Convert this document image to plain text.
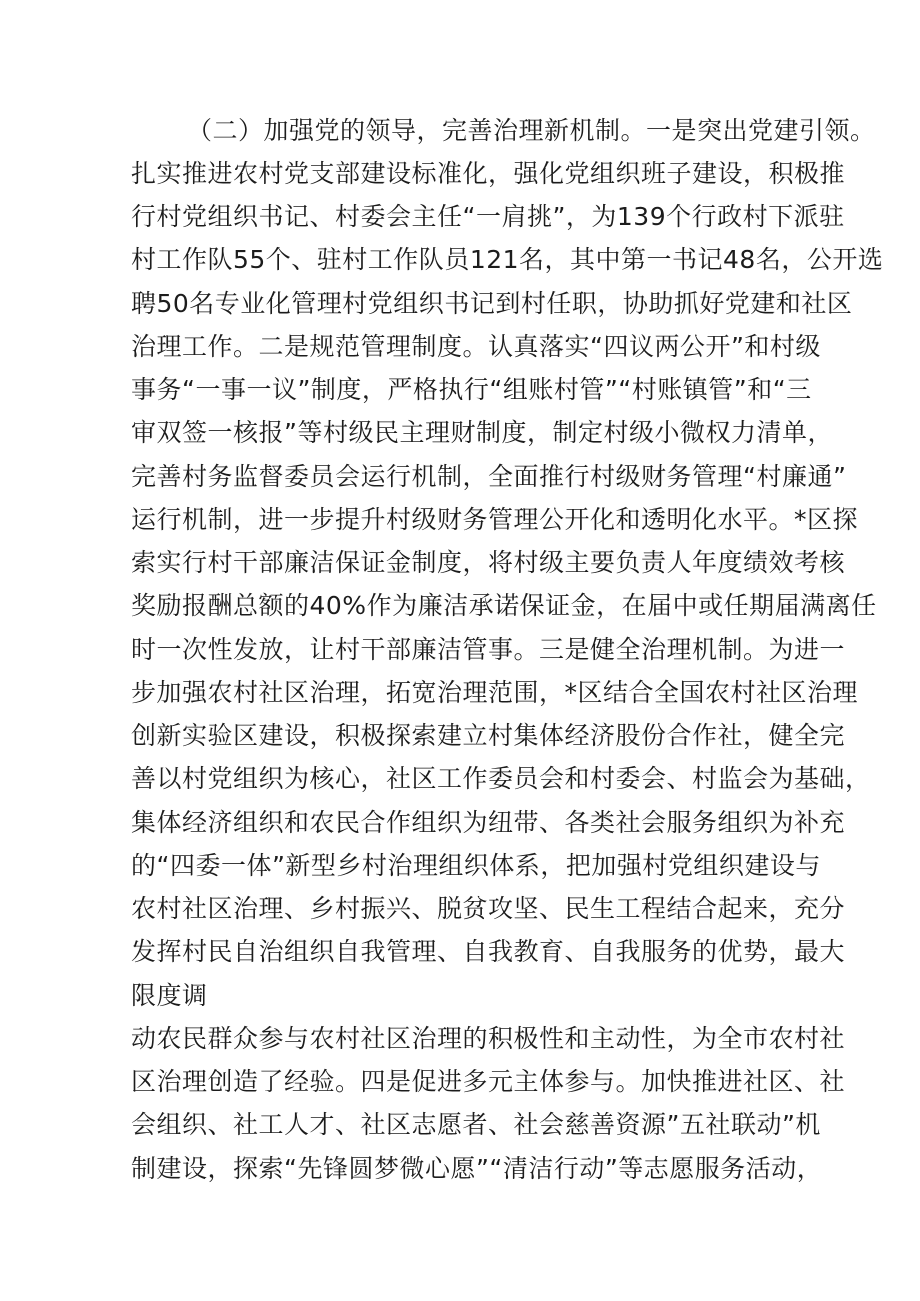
（二）加强党的领导，完善治理新机制。一是突出党建引领。
扎实推进农村党支部建设标准化，强化党组织班子建设，积极推
行村党组织书记、村委会主任“一肩挑”，为139个行政村下派驻
村工作队55个、驻村工作队员121名，其中第一书记48名，公开选
聘50名专业化管理村党组织书记到村任职，协助抓好党建和社区
治理工作。二是规范管理制度。认真落实“四议两公开”和村级
事务“一事一议”制度，严格执行“组账村管”“村账镇管”和“三
审双签一核报”等村级民主理财制度，制定村级小微权力清单，
完善村务监督委员会运行机制，全面推行村级财务管理“村廉通”
运行机制，进一步提升村级财务管理公开化和透明化水平。*区探
索实行村干部廉洁保证金制度，将村级主要负责人年度绩效考核
奖励报酬总额的40%作为廉洁承诺保证金，在届中或任期届满离任
时一次性发放，让村干部廉洁管事。三是健全治理机制。为进一
步加强农村社区治理，拓宽治理范围，*区结合全国农村社区治理
创新实验区建设，积极探索建立村集体经济股份合作社，健全完
善以村党组织为核心，社区工作委员会和村委会、村监会为基础，
集体经济组织和农民合作组织为纽带、各类社会服务组织为补充
的“四委一体”新型乡村治理组织体系，把加强村党组织建设与
农村社区治理、乡村振兴、脱贫攻坚、民生工程结合起来，充分
发挥村民自治组织自我管理、自我教育、自我服务的优势，最大
限度调
动农民群众参与农村社区治理的积极性和主动性，为全市农村社
区治理创造了经验。四是促进多元主体参与。加快推进社区、社
会组织、社工人才、社区志愿者、社会慈善资源”五社联动”机
制建设，探索“先锋圆梦微心愿”“清洁行动”等志愿服务活动，
